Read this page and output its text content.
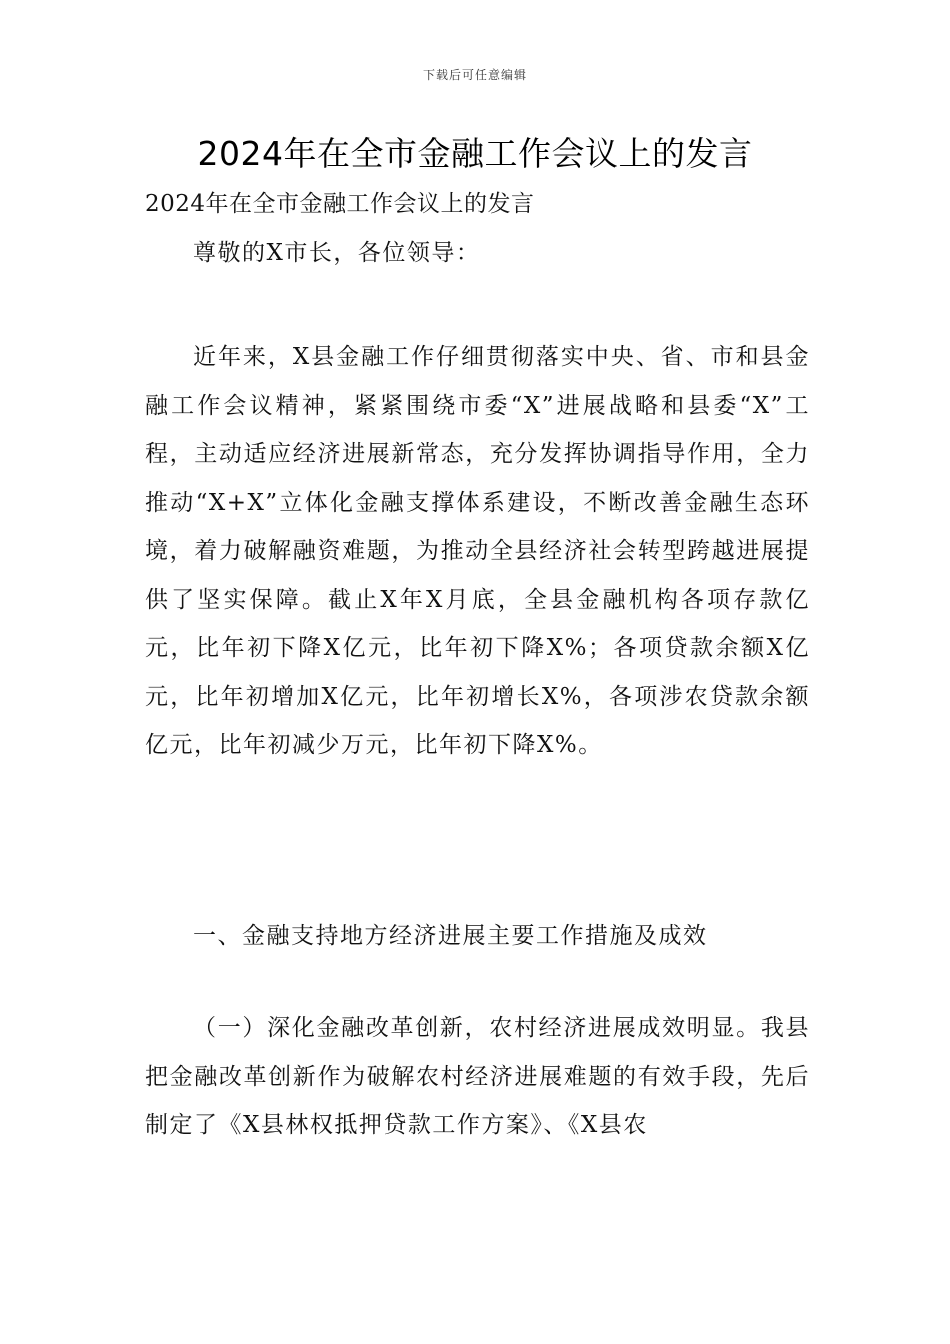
下载后可任意编辑
2024年在全市金融工作会议上的发言

2024年在全市金融工作会议上的发言

尊敬的X市长，各位领导：

近年来，X县金融工作仔细贯彻落实中央、省、市和县金融工作会议精神，紧紧围绕市委“X”进展战略和县委“X”工程，主动适应经济进展新常态，充分发挥协调指导作用，全力推动“X+X”立体化金融支撑体系建设，不断改善金融生态环境，着力破解融资难题，为推动全县经济社会转型跨越进展提供了坚实保障。截止X年X月底，全县金融机构各项存款亿元，比年初下降X亿元，比年初下降X%；各项贷款余额X亿元，比年初增加X亿元，比年初增长X%，各项涉农贷款余额亿元，比年初减少万元，比年初下降X%。

一、金融支持地方经济进展主要工作措施及成效

（一）深化金融改革创新，农村经济进展成效明显。我县把金融改革创新作为破解农村经济进展难题的有效手段，先后制定了《X县林权抵押贷款工作方案》、《X县农
